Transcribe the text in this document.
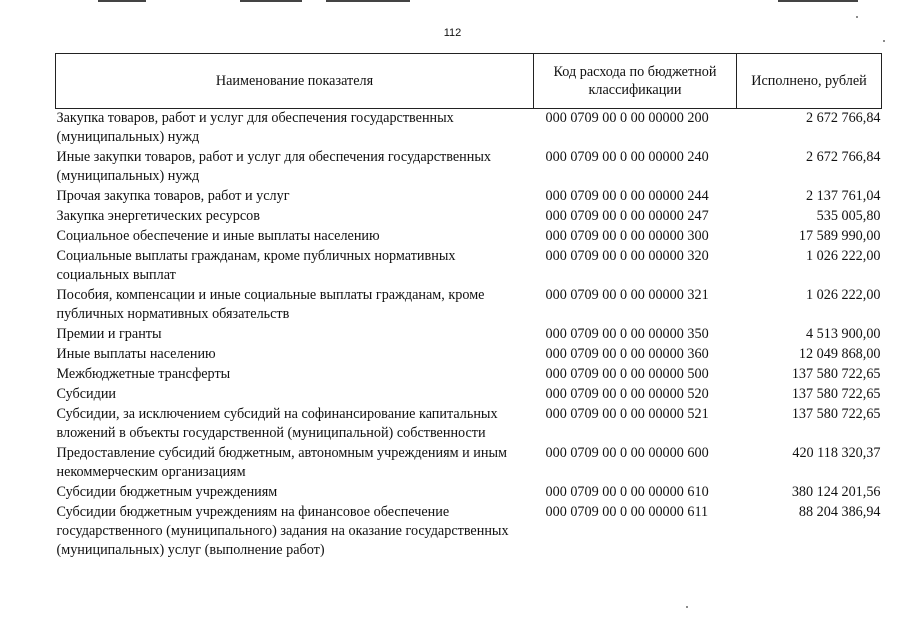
112
Наименование показателя	Код расхода по бюджетной классификации	Исполнено, рублей
Закупка товаров, работ и услуг для обеспечения государственных (муниципальных) нужд	000 0709 00 0 00 00000 200	2 672 766,84
Иные закупки товаров, работ и услуг для обеспечения государственных (муниципальных) нужд	000 0709 00 0 00 00000 240	2 672 766,84
Прочая закупка товаров, работ и услуг	000 0709 00 0 00 00000 244	2 137 761,04
Закупка энергетических ресурсов	000 0709 00 0 00 00000 247	535 005,80
Социальное обеспечение и иные выплаты населению	000 0709 00 0 00 00000 300	17 589 990,00
Социальные выплаты гражданам, кроме публичных нормативных социальных выплат	000 0709 00 0 00 00000 320	1 026 222,00
Пособия, компенсации и иные социальные выплаты гражданам, кроме публичных нормативных обязательств	000 0709 00 0 00 00000 321	1 026 222,00
Премии и гранты	000 0709 00 0 00 00000 350	4 513 900,00
Иные выплаты населению	000 0709 00 0 00 00000 360	12 049 868,00
Межбюджетные трансферты	000 0709 00 0 00 00000 500	137 580 722,65
Субсидии	000 0709 00 0 00 00000 520	137 580 722,65
Субсидии, за исключением субсидий на софинансирование капитальных вложений в объекты государственной (муниципальной) собственности	000 0709 00 0 00 00000 521	137 580 722,65
Предоставление субсидий бюджетным, автономным учреждениям и иным некоммерческим организациям	000 0709 00 0 00 00000 600	420 118 320,37
Субсидии бюджетным учреждениям	000 0709 00 0 00 00000 610	380 124 201,56
Субсидии бюджетным учреждениям на финансовое обеспечение государственного (муниципального) задания на оказание государственных (муниципальных) услуг (выполнение работ)	000 0709 00 0 00 00000 611	88 204 386,94
